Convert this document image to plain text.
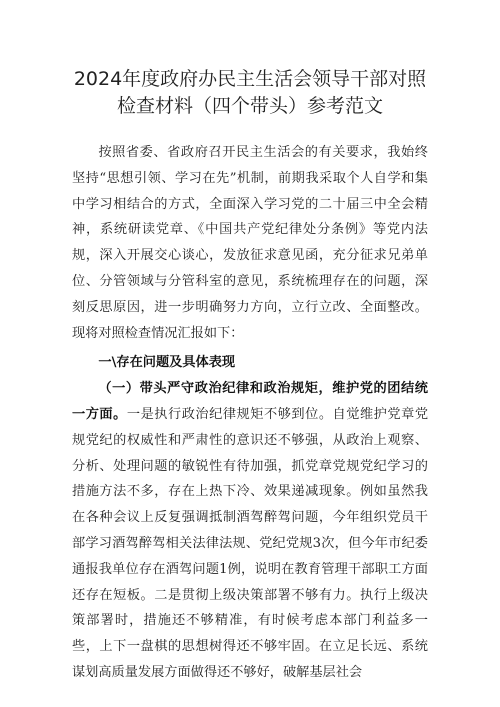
2024年度政府办民主生活会领导干部对照
检查材料（四个带头）参考范文

按照省委、省政府召开民主生活会的有关要求，我始终坚持“思想引领、学习在先”机制，前期我采取个人自学和集中学习相结合的方式，全面深入学习党的二十届三中全会精神，系统研读党章、《中国共产党纪律处分条例》等党内法规，深入开展交心谈心，发放征求意见函，充分征求兄弟单位、分管领域与分管科室的意见，系统梳理存在的问题，深刻反思原因，进一步明确努力方向，立行立改、全面整改。现将对照检查情况汇报如下：

一\存在问题及具体表现

（一）带头严守政治纪律和政治规矩，维护党的团结统一方面。一是执行政治纪律规矩不够到位。自觉维护党章党规党纪的权威性和严肃性的意识还不够强，从政治上观察、分析、处理问题的敏锐性有待加强，抓党章党规党纪学习的措施方法不多，存在上热下冷、效果递减现象。例如虽然我在各种会议上反复强调抵制酒驾醉驾问题，今年组织党员干部学习酒驾醉驾相关法律法规、党纪党规3次，但今年市纪委通报我单位存在酒驾问题1例，说明在教育管理干部职工方面还存在短板。二是贯彻上级决策部署不够有力。执行上级决策部署时，措施还不够精准，有时候考虑本部门利益多一些，上下一盘棋的思想树得还不够牢固。在立足长远、系统谋划高质量发展方面做得还不够好，破解基层社会
